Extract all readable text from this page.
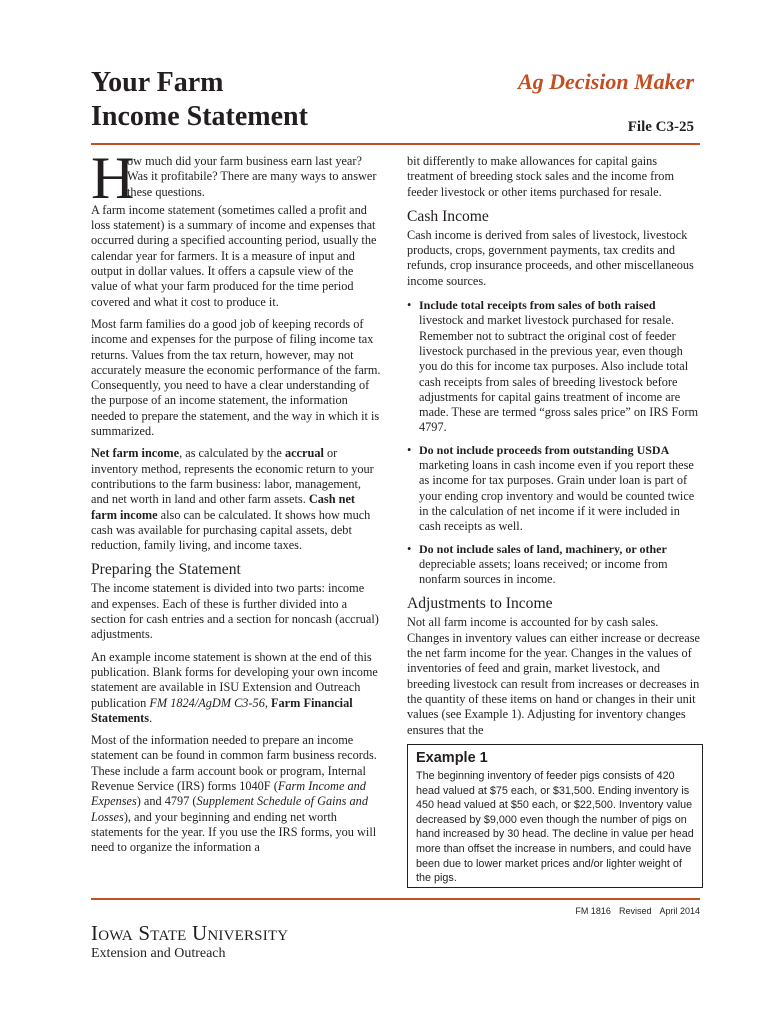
Your Farm
Income Statement
Ag Decision Maker
File C3-25
H
ow much did your farm business earn last year? Was it profitabile? There are many ways to answer these questions.

A farm income statement (sometimes called a profit and loss statement) is a summary of income and expenses that occurred during a specified accounting period, usually the calendar year for farmers. It is a measure of input and output in dollar values. It offers a capsule view of the value of what your farm produced for the time period covered and what it cost to produce it.

Most farm families do a good job of keeping records of income and expenses for the purpose of filing income tax returns. Values from the tax return, however, may not accurately measure the economic performance of the farm. Consequently, you need to have a clear understanding of the purpose of an income statement, the information needed to prepare the statement, and the way in which it is summarized.

Net farm income, as calculated by the accrual or inventory method, represents the economic return to your contributions to the farm business: labor, management, and net worth in land and other farm assets. Cash net farm income also can be calculated. It shows how much cash was available for purchasing capital assets, debt reduction, family living, and income taxes.

Preparing the Statement

The income statement is divided into two parts: income and expenses. Each of these is further divided into a section for cash entries and a section for noncash (accrual) adjustments.

An example income statement is shown at the end of this publication. Blank forms for developing your own income statement are available in ISU Extension and Outreach publication FM 1824/AgDM C3-56, Farm Financial Statements.

Most of the information needed to prepare an income statement can be found in common farm business records. These include a farm account book or program, Internal Revenue Service (IRS) forms 1040F (Farm Income and Expenses) and 4797 (Supplement Schedule of Gains and Losses), and your beginning and ending net worth statements for the year. If you use the IRS forms, you will need to organize the information a

bit differently to make allowances for capital gains treatment of breeding stock sales and the income from feeder livestock or other items purchased for resale.

Cash Income

Cash income is derived from sales of livestock, livestock products, crops, government payments, tax credits and refunds, crop insurance proceeds, and other miscellaneous income sources.

• Include total receipts from sales of both raised livestock and market livestock purchased for resale. Remember not to subtract the original cost of feeder livestock purchased in the previous year, even though you do this for income tax purposes. Also include total cash receipts from sales of breeding livestock before adjustments for capital gains treatment of income are made. These are termed “gross sales price” on IRS Form 4797.
• Do not include proceeds from outstanding USDA marketing loans in cash income even if you report these as income for tax purposes. Grain under loan is part of your ending crop inventory and would be counted twice in the calculation of net income if it were included in cash receipts as well.
• Do not include sales of land, machinery, or other depreciable assets; loans received; or income from nonfarm sources in income.
Adjustments to Income

Not all farm income is accounted for by cash sales. Changes in inventory values can either increase or decrease the net farm income for the year. Changes in the values of inventories of feed and grain, market livestock, and breeding livestock can result from increases or decreases in the quantity of these items on hand or changes in their unit values (see Example 1). Adjusting for inventory changes ensures that the

Example 1
The beginning inventory of feeder pigs consists of 420 head valued at $75 each, or $31,500. Ending inventory is 450 head valued at $50 each, or $22,500. Inventory value decreased by $9,000 even though the number of pigs on hand increased by 30 head. The decline in value per head more than offset the increase in numbers, and could have been due to lower market prices and/or lighter weight of the pigs.
FM 1816 Revised April 2014
Iowa State University
Extension and Outreach
